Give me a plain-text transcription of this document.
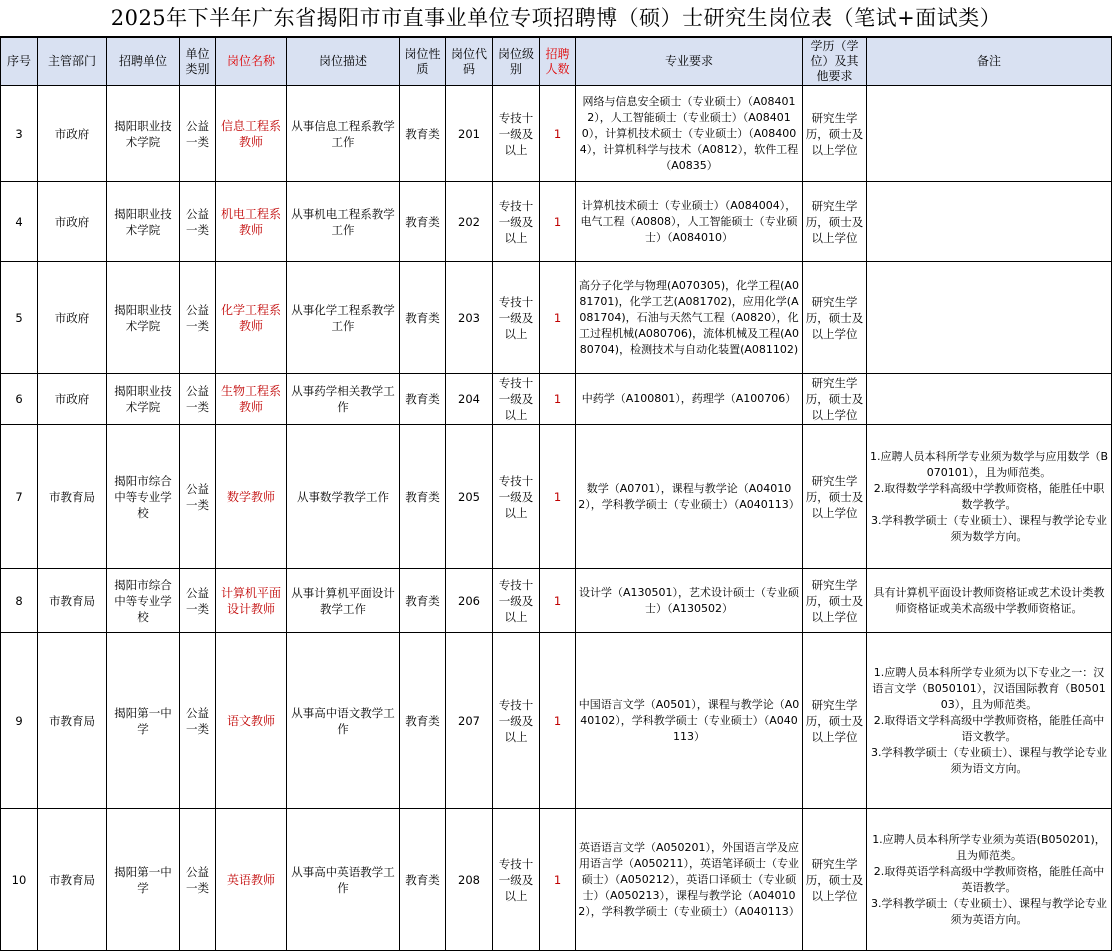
2025年下半年广东省揭阳市市直事业单位专项招聘博（硕）士研究生岗位表（笔试+面试类）
序号	主管部门	招聘单位	单位类别	岗位名称	岗位描述	岗位性质	岗位代码	岗位级别	招聘人数	专业要求	学历（学位）及其他要求	备注
3	市政府	揭阳职业技术学院	公益一类	信息工程系教师	从事信息工程系教学工作	教育类	201	专技十一级及以上	1	网络与信息安全硕士（专业硕士）（A084012），人工智能硕士（专业硕士）（A084010），计算机技术硕士（专业硕士）（A084004），计算机科学与技术（A0812），软件工程（A0835）	研究生学历，硕士及以上学位	
4	市政府	揭阳职业技术学院	公益一类	机电工程系教师	从事机电工程系教学工作	教育类	202	专技十一级及以上	1	计算机技术硕士（专业硕士）（A084004），电气工程（A0808），人工智能硕士（专业硕士）（A084010）	研究生学历，硕士及以上学位	
5	市政府	揭阳职业技术学院	公益一类	化学工程系教师	从事化学工程系教学工作	教育类	203	专技十一级及以上	1	高分子化学与物理(A070305)，化学工程(A081701)，化学工艺(A081702)，应用化学(A081704)，石油与天然气工程（A0820），化工过程机械(A080706)，流体机械及工程(A080704)，检测技术与自动化装置(A081102)	研究生学历，硕士及以上学位	
6	市政府	揭阳职业技术学院	公益一类	生物工程系教师	从事药学相关教学工作	教育类	204	专技十一级及以上	1	中药学（A100801），药理学（A100706）	研究生学历，硕士及以上学位	
7	市教育局	揭阳市综合中等专业学校	公益一类	数学教师	从事数学教学工作	教育类	205	专技十一级及以上	1	数学（A0701），课程与教学论（A040102），学科教学硕士（专业硕士）（A040113）	研究生学历，硕士及以上学位	1.应聘人员本科所学专业须为数学与应用数学（B070101），且为师范类。
2.取得数学学科高级中学教师资格，能胜任中职数学教学。
3.学科教学硕士（专业硕士）、课程与教学论专业须为数学方向。
8	市教育局	揭阳市综合中等专业学校	公益一类	计算机平面设计教师	从事计算机平面设计教学工作	教育类	206	专技十一级及以上	1	设计学（A130501），艺术设计硕士（专业硕士）（A130502）	研究生学历，硕士及以上学位	具有计算机平面设计教师资格证或艺术设计类教师资格证或美术高级中学教师资格证。
9	市教育局	揭阳第一中学	公益一类	语文教师	从事高中语文教学工作	教育类	207	专技十一级及以上	1	中国语言文学（A0501），课程与教学论（A040102），学科教学硕士（专业硕士）（A040113）	研究生学历，硕士及以上学位	1.应聘人员本科所学专业须为以下专业之一：汉语言文学（B050101），汉语国际教育（B050103），且为师范类。
2.取得语文学科高级中学教师资格，能胜任高中语文教学。
3.学科教学硕士（专业硕士）、课程与教学论专业须为语文方向。
10	市教育局	揭阳第一中学	公益一类	英语教师	从事高中英语教学工作	教育类	208	专技十一级及以上	1	英语语言文学（A050201），外国语言学及应用语言学（A050211），英语笔译硕士（专业硕士）（A050212），英语口译硕士（专业硕士）（A050213），课程与教学论（A040102），学科教学硕士（专业硕士）（A040113）	研究生学历，硕士及以上学位	1.应聘人员本科所学专业须为英语(B050201)，且为师范类。
2.取得英语学科高级中学教师资格，能胜任高中英语教学。
3.学科教学硕士（专业硕士）、课程与教学论专业须为英语方向。
